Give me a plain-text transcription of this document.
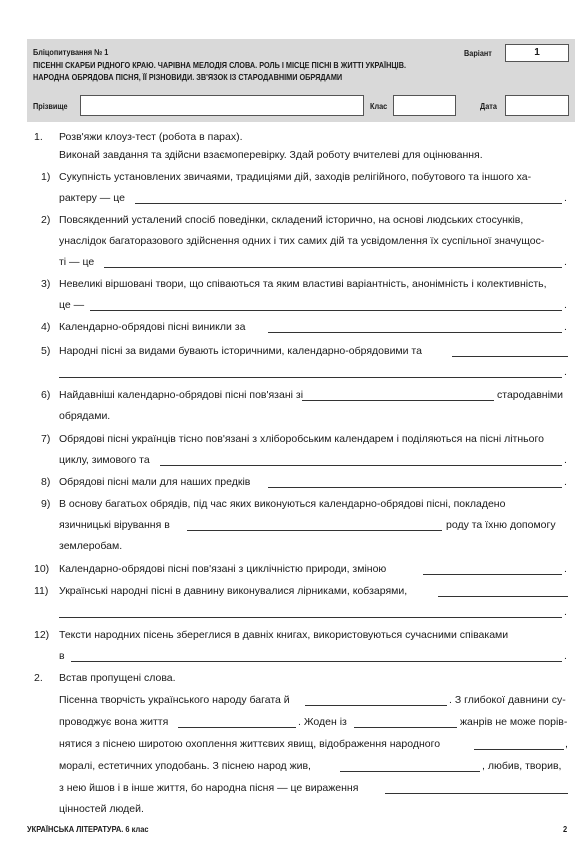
Бліцопитування № 1
ПІСЕННІ СКАРБИ РІДНОГО КРАЮ. ЧАРІВНА МЕЛОДІЯ СЛОВА. РОЛЬ І МІСЦЕ ПІСНІ В ЖИТТІ УКРАЇНЦІВ.
НАРОДНА ОБРЯДОВА ПІСНЯ, ЇЇ РІЗНОВИДИ. ЗВ'ЯЗОК ІЗ СТАРОДАВНІМИ ОБРЯДАМИ
Варіант	1
Прізвище	Клас	Дата
1. Розв'яжи клоуз-тест (робота в парах).
Виконай завдання та здійсни взаємоперевірку. Здай роботу вчителеві для оцінювання.
1) Сукупність установлених звичаями, традиціями дій, заходів релігійного, побутового та іншого ха-
рактеру — це	.
2) Повсякденний усталений спосіб поведінки, складений історично, на основі людських стосунків,
унаслідок багаторазового здійснення одних і тих самих дій та усвідомлення їх суспільної значущос-
ті — це	.
3) Невеликі віршовані твори, що співаються та яким властиві варіантність, анонімність і колективність,
це —	.
4) Календарно-обрядові пісні виникли за	.
5) Народні пісні за видами бувають історичними, календарно-обрядовими та
.
6) Найдавніші календарно-обрядові пісні пов'язані зі	стародавніми
обрядами.
7) Обрядові пісні українців тісно пов'язані з хліборобським календарем і поділяються на пісні літнього
циклу, зимового та	.
8) Обрядові пісні мали для наших предків	.
9) В основу багатьох обрядів, під час яких виконуються календарно-обрядові пісні, покладено
язичницькі вірування в	роду та їхню допомогу
землеробам.
10) Календарно-обрядові пісні пов'язані з циклічністю природи, зміною	.
11) Українські народні пісні в давнину виконувалися лірниками, кобзарями,
.
12) Тексти народних пісень збереглися в давніх книгах, використовуються сучасними співаками
в	.
2. Встав пропущені слова.
Пісенна творчість українського народу багата й	. З глибокої давнини су-
проводжує вона життя	. Жоден із	жанрів не може порів-
нятися з піснею широтою охоплення життєвих явищ, відображення народного	,
моралі, естетичних уподобань. З піснею народ жив,	, любив, творив,
з нею йшов і в інше життя, бо народна пісня — це вираження
цінностей людей.
УКРАЇНСЬКА ЛІТЕРАТУРА. 6 клас	2
